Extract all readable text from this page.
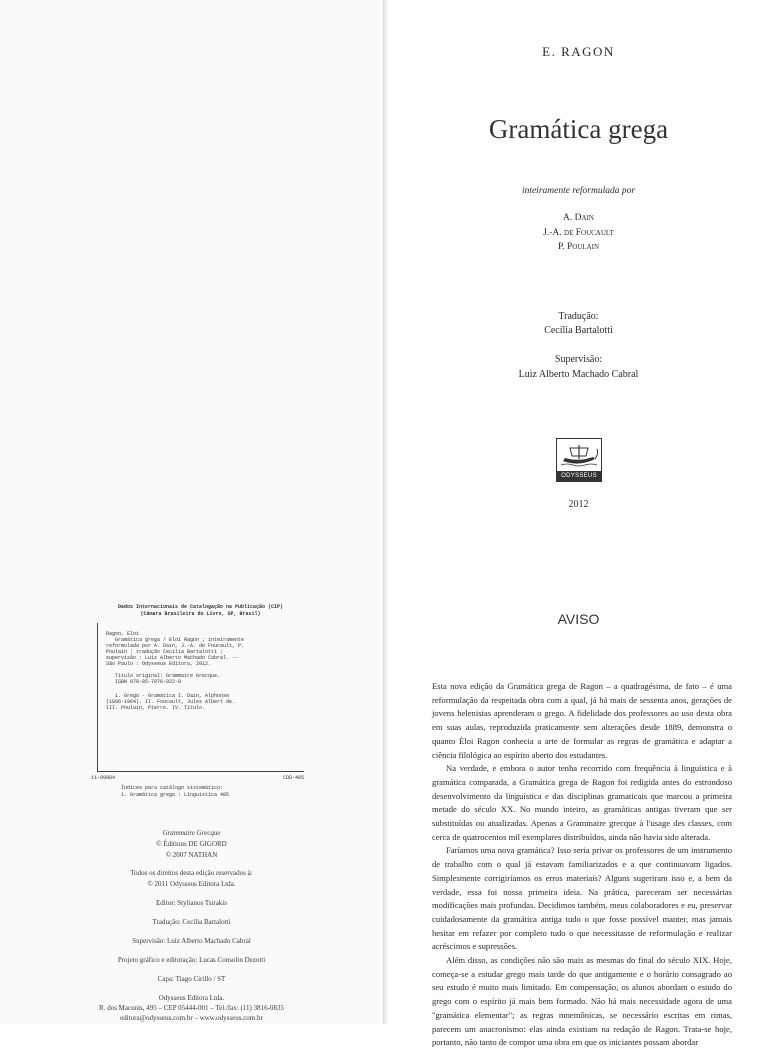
Dados Internacionais de Catalogação na Publicação (CIP)
(Câmara Brasileira do Livro, SP, Brasil)
Ragon, Eloi
Gramática grega / Eloi Ragon ; inteiramente
reformulada por A. Dain, J.-A. de Foucault, P.
Poulain ; tradução Cecília Bartalotti ;
supervisão : Luiz Alberto Machado Cabral. --
São Paulo : Odysseus Editora, 2012.
Título original: Grammaire Grecque.
ISBN 978-85-7876-022-9
1. Grego - Gramática I. Dain, Alphonse
(1896-1964). II. Foucault, Jules Albert de.
III. Poulain, Pierre. IV. Título.
11-09984	CDD-485
Índices para catálogo sistemático:
1. Gramática grega : Linguística 485
Grammaire Grecque
© Éditions DE GIGORD
© 2007 NATHAN
Todos os direitos desta edição reservados à:
© 2011 Odysseus Editora Ltda.
Editor: Stylianos Tsirakis
Tradução: Cecília Bartalotti
Supervisão: Luiz Alberto Machado Cabral
Projeto gráfico e editoração: Lucas Consolin Dezotti
Capa: Tiago Cirillo / ST
Odysseus Editora Ltda.
R. dos Macunis, 495 – CEP 05444-001 – Tel./fax: (11) 3816-0835
editora@odysseus.com.br – www.odysseus.com.br
E. RAGON
Gramática grega
inteiramente reformulada por
A. Dain
J.-A. de Foucault
P. Poulain
Tradução:
Cecília Bartalotti
Supervisão:
Luiz Alberto Machado Cabral
ODYSSEUS
2012
AVISO

Esta nova edição da Gramática grega de Ragon – a quadragésima, de fato – é uma reformulação da respeitada obra com a qual, já há mais de sessenta anos, gerações de jovens helenistas aprenderam o grego. A fidelidade dos professores ao uso desta obra em suas aulas, reproduzida praticamente sem alterações desde 1889, demonstra o quanto Éloi Ragon conhecia a arte de formular as regras de gramática e adaptar a ciência filológica ao espírito aberto dos estudantes.

Na verdade, e embora o autor tenha recorrido com frequência à linguística e à gramática comparada, a Gramática grega de Ragon foi redigida antes do estrondoso desenvolvimento da linguística e das disciplinas gramaticais que marcou a primeira metade do século XX. No mundo inteiro, as gramáticas antigas tiveram que ser substituídas ou atualizadas. Apenas a Grammaire grecque à l'usage des classes, com cerca de quatrocentos mil exemplares distribuídos, ainda não havia sido alterada.

Faríamos uma nova gramática? Isso seria privar os professores de um instrumento de trabalho com o qual já estavam familiarizados e a que continuavam ligados. Simplesmente corrigiríamos os erros materiais? Alguns sugeriram isso e, a bem da verdade, essa foi nossa primeira ideia. Na prática, pareceram ser necessárias modificações mais profundas. Decidimos também, meus colaboradores e eu, preservar cuidadosamente da gramática antiga tudo o que fosse possível manter, mas jamais hesitar em refazer por completo tudo o que necessitasse de reformulação e realizar acréscimos e supressões.

Além disso, as condições não são mais as mesmas do final do século XIX. Hoje, começa-se a estudar grego mais tarde do que antigamente e o horário consagrado ao seu estudo é muito mais limitado. Em compensação, os alunos abordam o estudo do grego com o espírito já mais bem formado. Não há mais necessidade agora de uma "gramática elementar"; as regras mnemônicas, se necessário escritas em rimas, parecem um anacronismo: elas ainda existiam na redação de Ragon. Trata-se hoje, portanto, não tanto de compor uma obra em que os iniciantes possam abordar
